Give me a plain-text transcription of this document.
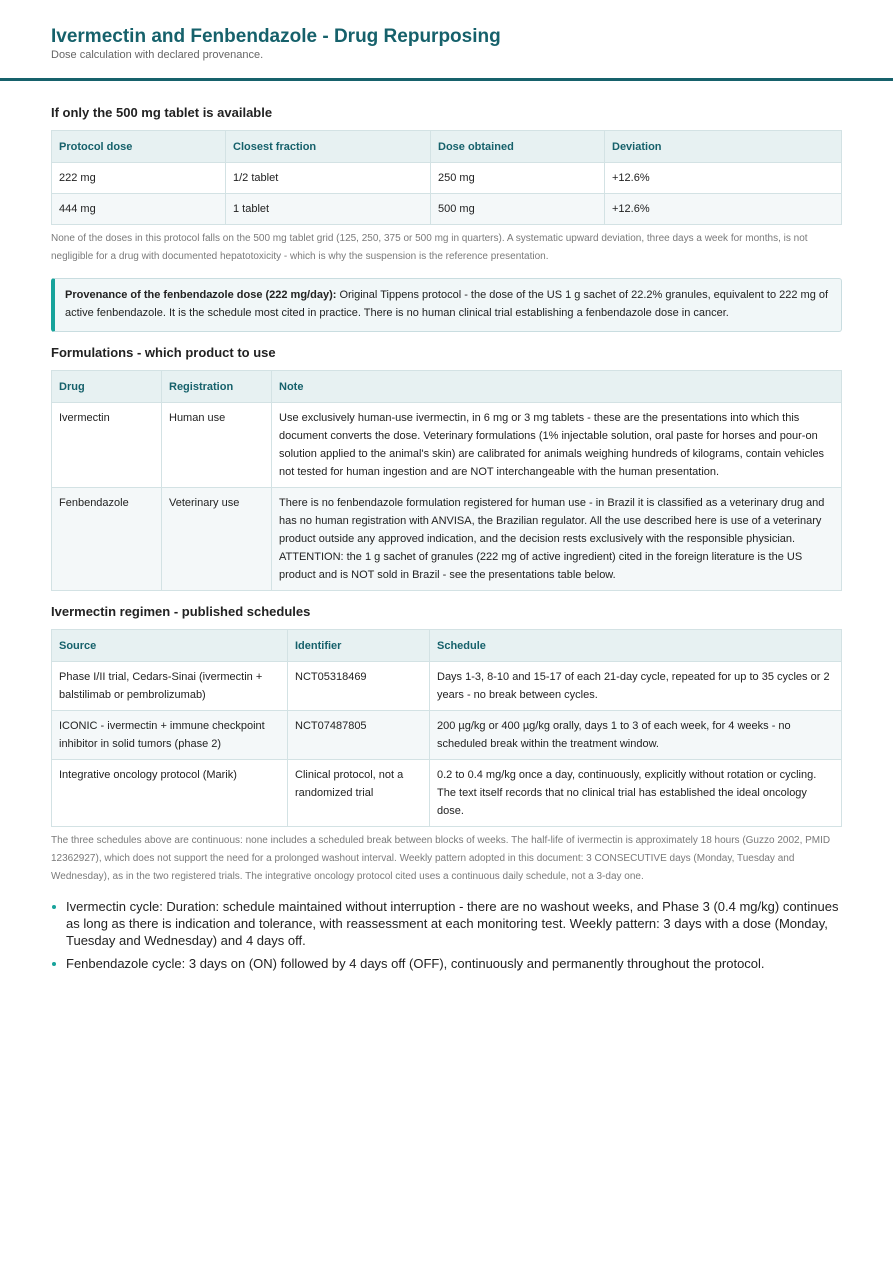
Ivermectin and Fenbendazole - Drug Repurposing
Dose calculation with declared provenance.
If only the 500 mg tablet is available
Protocol dose	Closest fraction	Dose obtained	Deviation
222 mg	1/2 tablet	250 mg	+12.6%
444 mg	1 tablet	500 mg	+12.6%

None of the doses in this protocol falls on the 500 mg tablet grid (125, 250, 375 or 500 mg in quarters). A systematic upward deviation, three days a week for months, is not negligible for a drug with documented hepatotoxicity - which is why the suspension is the reference presentation.

Provenance of the fenbendazole dose (222 mg/day): Original Tippens protocol - the dose of the US 1 g sachet of 22.2% granules, equivalent to 222 mg of active fenbendazole. It is the schedule most cited in practice. There is no human clinical trial establishing a fenbendazole dose in cancer.
Formulations - which product to use
Drug	Registration	Note
Ivermectin	Human use	Use exclusively human-use ivermectin, in 6 mg or 3 mg tablets - these are the presentations into which this document converts the dose. Veterinary formulations (1% injectable solution, oral paste for horses and pour-on solution applied to the animal's skin) are calibrated for animals weighing hundreds of kilograms, contain vehicles not tested for human ingestion and are NOT interchangeable with the human presentation.
Fenbendazole	Veterinary use	There is no fenbendazole formulation registered for human use - in Brazil it is classified as a veterinary drug and has no human registration with ANVISA, the Brazilian regulator. All the use described here is use of a veterinary product outside any approved indication, and the decision rests exclusively with the responsible physician. ATTENTION: the 1 g sachet of granules (222 mg of active ingredient) cited in the foreign literature is the US product and is NOT sold in Brazil - see the presentations table below.
Ivermectin regimen - published schedules
Source	Identifier	Schedule
Phase I/II trial, Cedars-Sinai (ivermectin + balstilimab or pembrolizumab)	NCT05318469	Days 1-3, 8-10 and 15-17 of each 21-day cycle, repeated for up to 35 cycles or 2 years - no break between cycles.
ICONIC - ivermectin + immune checkpoint inhibitor in solid tumors (phase 2)	NCT07487805	200 µg/kg or 400 µg/kg orally, days 1 to 3 of each week, for 4 weeks - no scheduled break within the treatment window.
Integrative oncology protocol (Marik)	Clinical protocol, not a randomized trial	0.2 to 0.4 mg/kg once a day, continuously, explicitly without rotation or cycling. The text itself records that no clinical trial has established the ideal oncology dose.

The three schedules above are continuous: none includes a scheduled break between blocks of weeks. The half-life of ivermectin is approximately 18 hours (Guzzo 2002, PMID 12362927), which does not support the need for a prolonged washout interval. Weekly pattern adopted in this document: 3 CONSECUTIVE days (Monday, Tuesday and Wednesday), as in the two registered trials. The integrative oncology protocol cited uses a continuous daily schedule, not a 3-day one.

Ivermectin cycle: Duration: schedule maintained without interruption - there are no washout weeks, and Phase 3 (0.4 mg/kg) continues as long as there is indication and tolerance, with reassessment at each monitoring test. Weekly pattern: 3 days with a dose (Monday, Tuesday and Wednesday) and 4 days off.
Fenbendazole cycle: 3 days on (ON) followed by 4 days off (OFF), continuously and permanently throughout the protocol.
